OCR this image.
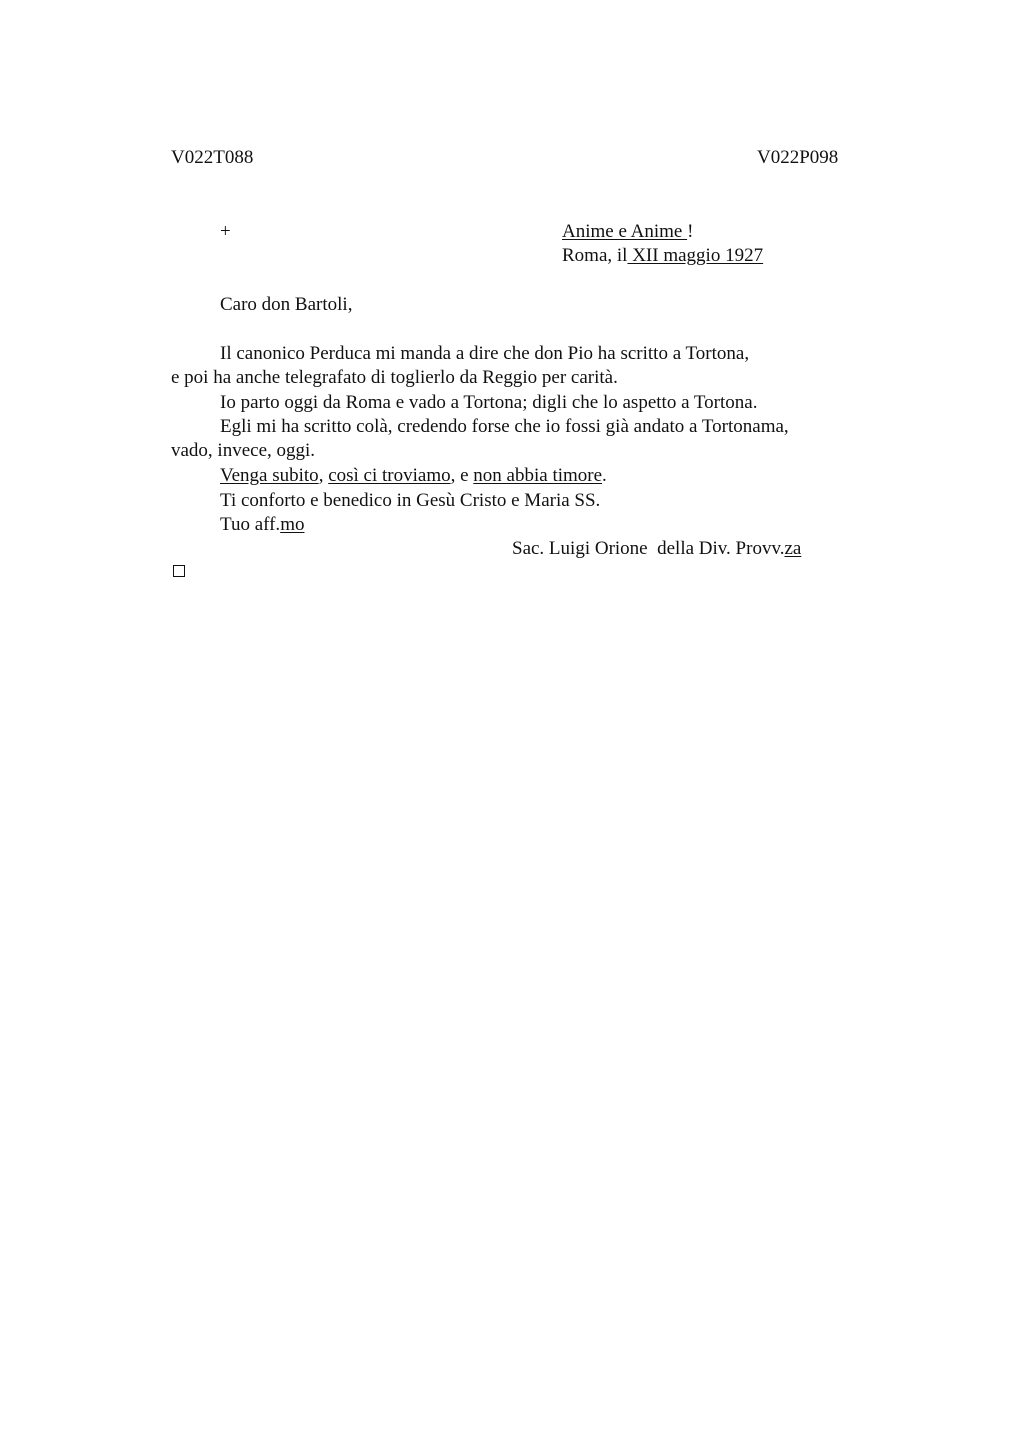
V022T088	V022P098
+	Anime e Anime !
Roma, il XII maggio 1927
Caro don Bartoli,
Il canonico Perduca mi manda a dire che don Pio ha scritto a Tortona,
e poi ha anche telegrafato di toglierlo da Reggio per carità.
Io parto oggi da Roma e vado a Tortona; digli che lo aspetto a Tortona.
Egli mi ha scritto colà, credendo forse che io fossi già andato a Tortonama,
vado, invece, oggi.
Venga subito, così ci troviamo, e non abbia timore.
Ti conforto e benedico in Gesù Cristo e Maria SS.
Tuo aff.mo
Sac. Luigi Orione  della Div. Provv.za
